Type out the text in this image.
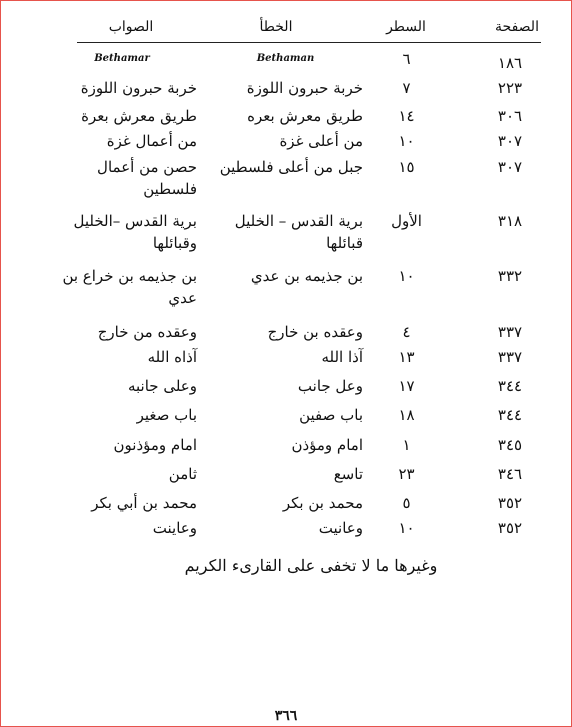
الصفحة
السطر
الخطأ
الصواب
٦
Bethaman
Bethamar	١٨٦
٢٢٣
٧
خربة حبرون اللوزة
خربة حبرون اللوزة
٣٠٦
١٤
طريق معرش بعره
طريق معرش بعرة
٣٠٧
١٠
من أعلى غزة
من أعمال غزة
٣٠٧
١٥
جبل من أعلى فلسطين
حصن من أعمال فلسطين
٣١٨
الأول
برية القدس – الخليل قبائلها
برية القدس –الخليل وقبائلها
٣٣٢
١٠
بن جذيمه بن عدي
بن جذيمه بن خراع بن عدي
٣٣٧
٤
وعقده بن خارج
وعقده من خارج
٣٣٧
١٣
آذا الله
آذاه الله
٣٤٤
١٧
وعل جانب
وعلى جانبه
٣٤٤
١٨
باب صفين
باب صغير
٣٤٥
١
امام ومؤذن
امام ومؤذنون
٣٤٦
٢٣
تاسع
ثامن
٣٥٢
٥
محمد بن بكر
محمد بن أبي بكر
٣٥٢
١٠
وعانيت
وعاينت
وغيرها ما لا تخفى على القارىء الكريم
٣٦٦
